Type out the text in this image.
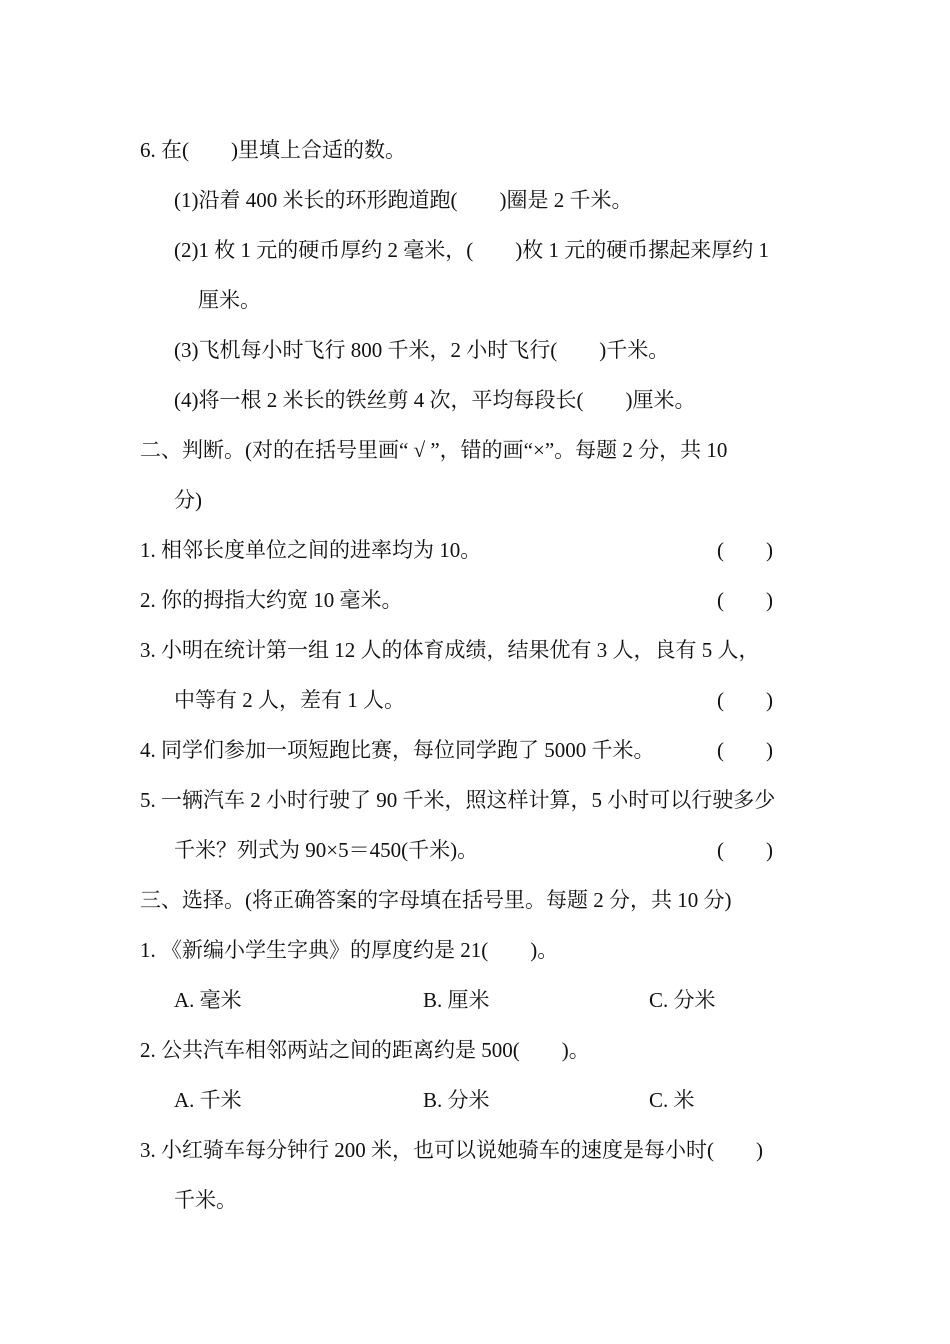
6. 在(　　)里填上合适的数。
(1)沿着 400 米长的环形跑道跑(　　)圈是 2 千米。
(2)1 枚 1 元的硬币厚约 2 毫米，(　　)枚 1 元的硬币摞起来厚约 1
厘米。
(3)飞机每小时飞行 800 千米，2 小时飞行(　　)千米。
(4)将一根 2 米长的铁丝剪 4 次，平均每段长(　　)厘米。
二、判断。(对的在括号里画“ √ ”，错的画“×”。每题 2 分，共 10
分)
1. 相邻长度单位之间的进率均为 10。	(　　)
2. 你的拇指大约宽 10 毫米。	(　　)
3. 小明在统计第一组 12 人的体育成绩，结果优有 3 人，良有 5 人，
中等有 2 人，差有 1 人。	(　　)
4. 同学们参加一项短跑比赛，每位同学跑了 5000 千米。	(　　)
5. 一辆汽车 2 小时行驶了 90 千米，照这样计算，5 小时可以行驶多少
千米？列式为 90×5＝450(千米)。	(　　)
三、选择。(将正确答案的字母填在括号里。每题 2 分，共 10 分)
1. 《新编小学生字典》的厚度约是 21(　　)。
A. 毫米	B. 厘米	C. 分米
2. 公共汽车相邻两站之间的距离约是 500(　　)。
A. 千米	B. 分米	C. 米
3. 小红骑车每分钟行 200 米，也可以说她骑车的速度是每小时(　　)
千米。
